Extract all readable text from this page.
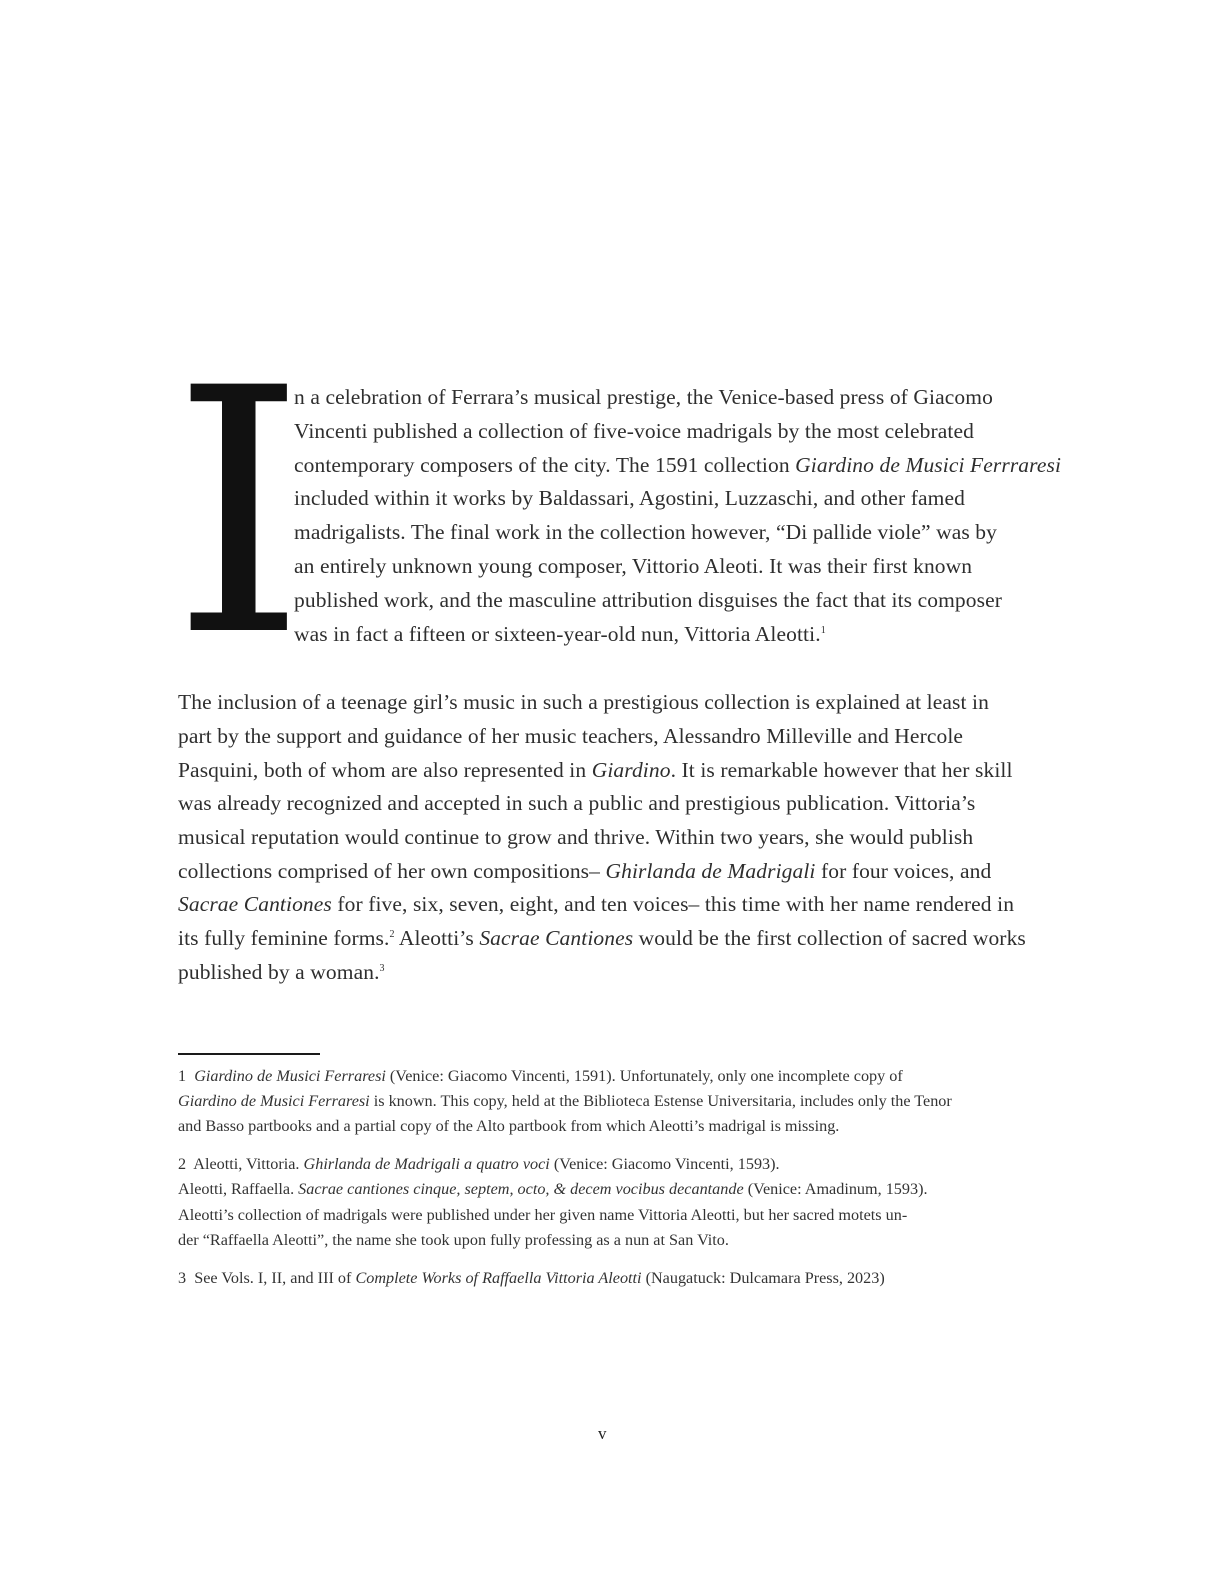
I
n a celebration of Ferrara’s musical prestige, the Venice-based press of Giacomo
Vincenti published a collection of five-voice madrigals by the most celebrated
contemporary composers of the city. The 1591 collection Giardino de Musici Ferrraresi
included within it works by Baldassari, Agostini, Luzzaschi, and other famed
madrigalists. The final work in the collection however, “Di pallide viole” was by
an entirely unknown young composer, Vittorio Aleoti. It was their first known
published work, and the masculine attribution disguises the fact that its composer
was in fact a fifteen or sixteen-year-old nun, Vittoria Aleotti.$^1$
The inclusion of a teenage girl’s music in such a prestigious collection is explained at least in
part by the support and guidance of her music teachers, Alessandro Milleville and Hercole
Pasquini, both of whom are also represented in Giardino. It is remarkable however that her skill
was already recognized and accepted in such a public and prestigious publication. Vittoria’s
musical reputation would continue to grow and thrive. Within two years, she would publish
collections comprised of her own compositions– Ghirlanda de Madrigali for four voices, and
Sacrae Cantiones for five, six, seven, eight, and ten voices– this time with her name rendered in
its fully feminine forms.$^2$ Aleotti’s Sacrae Cantiones would be the first collection of sacred works
published by a woman.$^3$
1 Giardino de Musici Ferraresi (Venice: Giacomo Vincenti, 1591). Unfortunately, only one incomplete copy of
Giardino de Musici Ferraresi is known. This copy, held at the Biblioteca Estense Universitaria, includes only the Tenor
and Basso partbooks and a partial copy of the Alto partbook from which Aleotti’s madrigal is missing.
2 Aleotti, Vittoria. Ghirlanda de Madrigali a quatro voci (Venice: Giacomo Vincenti, 1593).
Aleotti, Raffaella. Sacrae cantiones cinque, septem, octo, & decem vocibus decantande (Venice: Amadinum, 1593).
Aleotti’s collection of madrigals were published under her given name Vittoria Aleotti, but her sacred motets un-
der “Raffaella Aleotti”, the name she took upon fully professing as a nun at San Vito.
3 See Vols. I, II, and III of Complete Works of Raffaella Vittoria Aleotti (Naugatuck: Dulcamara Press, 2023)
v
